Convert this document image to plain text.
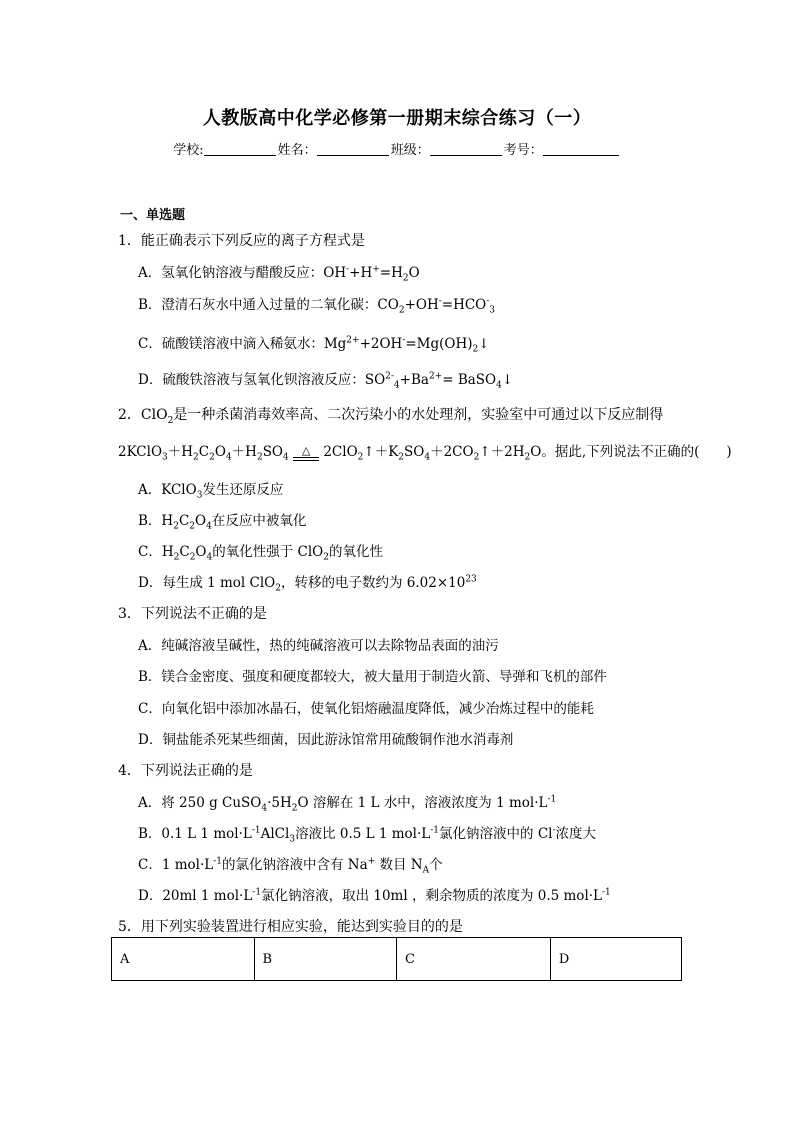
人教版高中化学必修第一册期末综合练习（一）
学校:	姓名：	班级：	考号：
一、单选题
1．能正确表示下列反应的离子方程式是
A．氢氧化钠溶液与醋酸反应：$OH^-+H^+=H_2O$
B．澄清石灰水中通入过量的二氧化碳：$CO_2+OH^-=HCO^-_3$
C．硫酸镁溶液中滴入稀氨水：$Mg^{2+}+2OH^-=Mg(OH)_2↓$
D．硫酸铁溶液与氢氧化钡溶液反应：$SO^{2-}_4+Ba^{2+}=$ BaSO$_4$↓
2．ClO$_2$是一种杀菌消毒效率高、二次污染小的水处理剂，实验室中可通过以下反应制得
$2KClO_3+H_2C_2O_4+H_2SO_4$
△ $2ClO_2↑+K_2SO_4+2CO_2↑+2H_2O$。据此,下列说法不正确的(　　)
A．KClO$_3$发生还原反应
B．$H_2C_2O_4$在反应中被氧化
C．$H_2C_2O_4$的氧化性强于 ClO$_2$的氧化性
D．每生成 1 mol ClO$_2$，转移的电子数约为 $6.02\times 10^{23}$
3．下列说法不正确的是
A．纯碱溶液呈碱性，热的纯碱溶液可以去除物品表面的油污
B．镁合金密度、强度和硬度都较大，被大量用于制造火箭、导弹和飞机的部件
C．向氧化铝中添加冰晶石，使氧化铝熔融温度降低，减少冶炼过程中的能耗
D．铜盐能杀死某些细菌，因此游泳馆常用硫酸铜作池水消毒剂
4．下列说法正确的是
A．将 250 g $CuSO_4\cdot 5H_2O$ 溶解在 1 L 水中，溶液浓度为 1 $mol\cdot L^{-1}$
B．0.1 L 1 $mol\cdot L^{-1}AlCl_3$溶液比 0.5 L 1 $mol\cdot L^{-1}$氯化钠溶液中的 Cl-浓度大
C．1 $mol\cdot L^{-1}$的氯化钠溶液中含有 Na+ 数目 $N_A$个
D．20ml 1 $mol\cdot L^{-1}$氯化钠溶液，取出 10ml ，剩余物质的浓度为 0.5 $mol\cdot L^{-1}$
5．用下列实验装置进行相应实验，能达到实验目的的是
A	B	C	D
